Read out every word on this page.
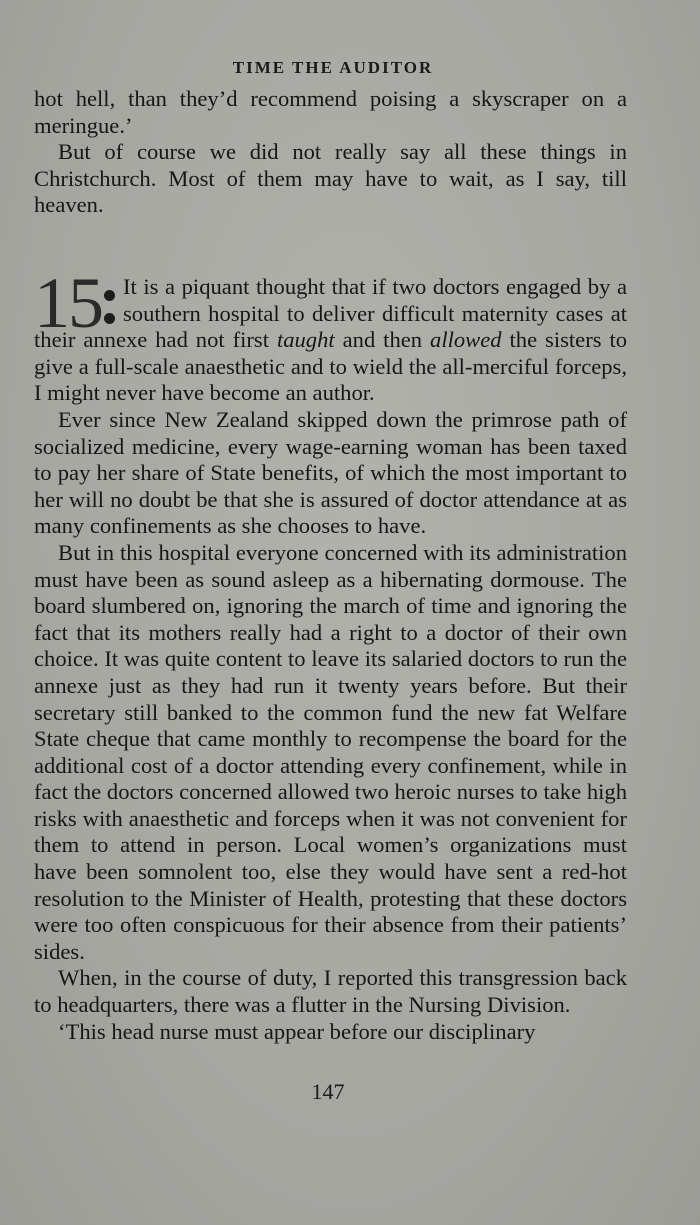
TIME THE AUDITOR

hot hell, than they’d recommend poising a skyscraper on a meringue.’

But of course we did not really say all these things in Christchurch. Most of them may have to wait, as I say, till heaven.

15 It is a piquant thought that if two doctors engaged by a southern hospital to deliver difficult maternity cases at their annexe had not first taught and then allowed the sisters to give a full-scale anaesthetic and to wield the all-merciful forceps, I might never have become an author.

Ever since New Zealand skipped down the primrose path of socialized medicine, every wage-earning woman has been taxed to pay her share of State benefits, of which the most important to her will no doubt be that she is assured of doctor attendance at as many confinements as she chooses to have.

But in this hospital everyone concerned with its administration must have been as sound asleep as a hibernating dormouse. The board slumbered on, ignoring the march of time and ignoring the fact that its mothers really had a right to a doctor of their own choice. It was quite content to leave its salaried doctors to run the annexe just as they had run it twenty years before. But their secretary still banked to the common fund the new fat Welfare State cheque that came monthly to recompense the board for the additional cost of a doctor attending every confinement, while in fact the doctors concerned allowed two heroic nurses to take high risks with anaesthetic and forceps when it was not convenient for them to attend in person. Local women’s organizations must have been somnolent too, else they would have sent a red-hot resolution to the Minister of Health, protesting that these doctors were too often conspicuous for their absence from their patients’ sides.

When, in the course of duty, I reported this transgression back to headquarters, there was a flutter in the Nursing Division.

‘This head nurse must appear before our disciplinary

147
